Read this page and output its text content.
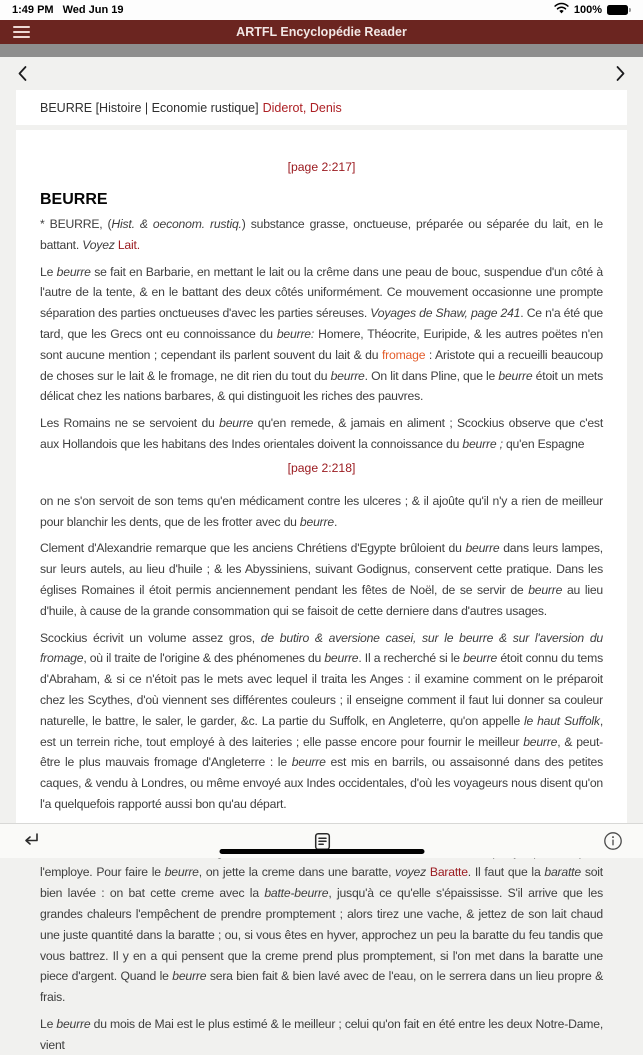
1:49 PM Wed Jun 19	100%
ARTFL Encyclopédie Reader
BEURRE [Histoire | Economie rustique] Diderot, Denis
[page 2:217]
BEURRE

* BEURRE, (Hist. & oeconom. rustiq.) substance grasse, onctueuse, préparée ou séparée du lait, en le battant. Voyez Lait.

Le beurre se fait en Barbarie, en mettant le lait ou la crême dans une peau de bouc, suspendue d'un côté à l'autre de la tente, & en le battant des deux côtés uniformément. Ce mouvement occasionne une prompte séparation des parties onctueuses d'avec les parties séreuses. Voyages de Shaw, page 241. Ce n'a été que tard, que les Grecs ont eu connoissance du beurre: Homere, Théocrite, Euripide, & les autres poëtes n'en sont aucune mention ; cependant ils parlent souvent du lait & du fromage : Aristote qui a recueilli beaucoup de choses sur le lait & le fromage, ne dit rien du tout du beurre. On lit dans Pline, que le beurre étoit un mets délicat chez les nations barbares, & qui distinguoit les riches des pauvres.

Les Romains ne se servoient du beurre qu'en remede, & jamais en aliment ; Scockius observe que c'est aux Hollandois que les habitans des Indes orientales doivent la connoissance du beurre ; qu'en Espagne

[page 2:218]

on ne s'on servoit de son tems qu'en médicament contre les ulceres ; & il ajoûte qu'il n'y a rien de meilleur pour blanchir les dents, que de les frotter avec du beurre.

Clement d'Alexandrie remarque que les anciens Chrétiens d'Egypte brûloient du beurre dans leurs lampes, sur leurs autels, au lieu d'huile ; & les Abyssiniens, suivant Godignus, conservent cette pratique. Dans les églises Romaines il étoit permis anciennement pendant les fêtes de Noël, de se servir de beurre au lieu d'huile, à cause de la grande consommation qui se faisoit de cette derniere dans d'autres usages.

Scockius écrivit un volume assez gros, de butiro & aversione casei, sur le beurre & sur l'aversion du fromage, où il traite de l'origine & des phénomenes du beurre. Il a recherché si le beurre étoit connu du tems d'Abraham, & si ce n'étoit pas le mets avec lequel il traita les Anges : il examine comment on le préparoit chez les Scythes, d'où viennent ses différentes couleurs ; il enseigne comment il faut lui donner sa couleur naturelle, le battre, le saler, le garder, &c. La partie du Suffolk, en Angleterre, qu'on appelle le haut Suffolk, est un terrein riche, tout employé à des laiteries ; elle passe encore pour fournir le meilleur beurre, & peut-être le plus mauvais fromage d'Angleterre : le beurre est mis en barrils, ou assaisonné dans des petites caques, & vendu à Londres, ou même envoyé aux Indes occidentales, d'où les voyageurs nous disent qu'on l'a quelquefois rapporté aussi bon qu'au départ.

l'employe. Pour faire le beurre, on jette la creme dans une baratte, voyez Baratte. Il faut que la baratte soit bien lavée : on bat cette creme avec la batte-beurre, jusqu'à ce qu'elle s'épaississe. S'il arrive que les grandes chaleurs l'empêchent de prendre promptement ; alors tirez une vache, & jettez de son lait chaud une juste quantité dans la baratte ; ou, si vous êtes en hyver, approchez un peu la baratte du feu tandis que vous battrez. Il y en a qui pensent que la creme prend plus promptement, si l'on met dans la baratte une piece d'argent. Quand le beurre sera bien fait & bien lavé avec de l'eau, on le serrera dans un lieu propre & frais.

Le beurre du mois de Mai est le plus estimé & le meilleur ; celui qu'on fait en été entre les deux Notre-Dame, vient
